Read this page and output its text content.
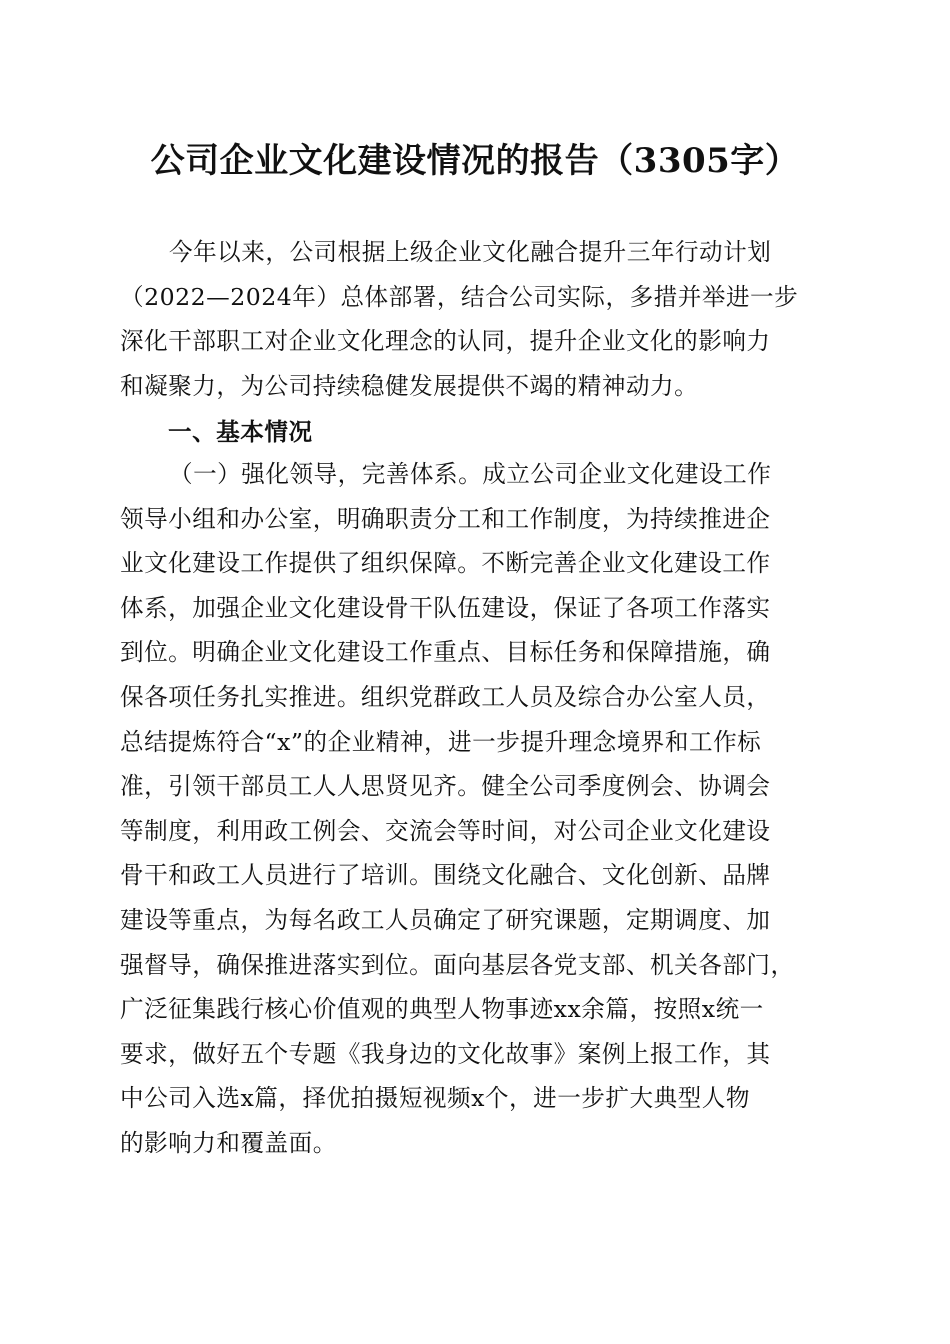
公司企业文化建设情况的报告（3305字）
今年以来，公司根据上级企业文化融合提升三年行动计划
（2022—2024年）总体部署，结合公司实际，多措并举进一步
深化干部职工对企业文化理念的认同，提升企业文化的影响力
和凝聚力，为公司持续稳健发展提供不竭的精神动力。
一、基本情况
（一）强化领导，完善体系。成立公司企业文化建设工作
领导小组和办公室，明确职责分工和工作制度，为持续推进企
业文化建设工作提供了组织保障。不断完善企业文化建设工作
体系，加强企业文化建设骨干队伍建设，保证了各项工作落实
到位。明确企业文化建设工作重点、目标任务和保障措施，确
保各项任务扎实推进。组织党群政工人员及综合办公室人员，
总结提炼符合“x”的企业精神，进一步提升理念境界和工作标
准，引领干部员工人人思贤见齐。健全公司季度例会、协调会
等制度，利用政工例会、交流会等时间，对公司企业文化建设
骨干和政工人员进行了培训。围绕文化融合、文化创新、品牌
建设等重点，为每名政工人员确定了研究课题，定期调度、加
强督导，确保推进落实到位。面向基层各党支部、机关各部门，
广泛征集践行核心价值观的典型人物事迹xx余篇，按照x统一
要求，做好五个专题《我身边的文化故事》案例上报工作，其
中公司入选x篇，择优拍摄短视频x个，进一步扩大典型人物
的影响力和覆盖面。
